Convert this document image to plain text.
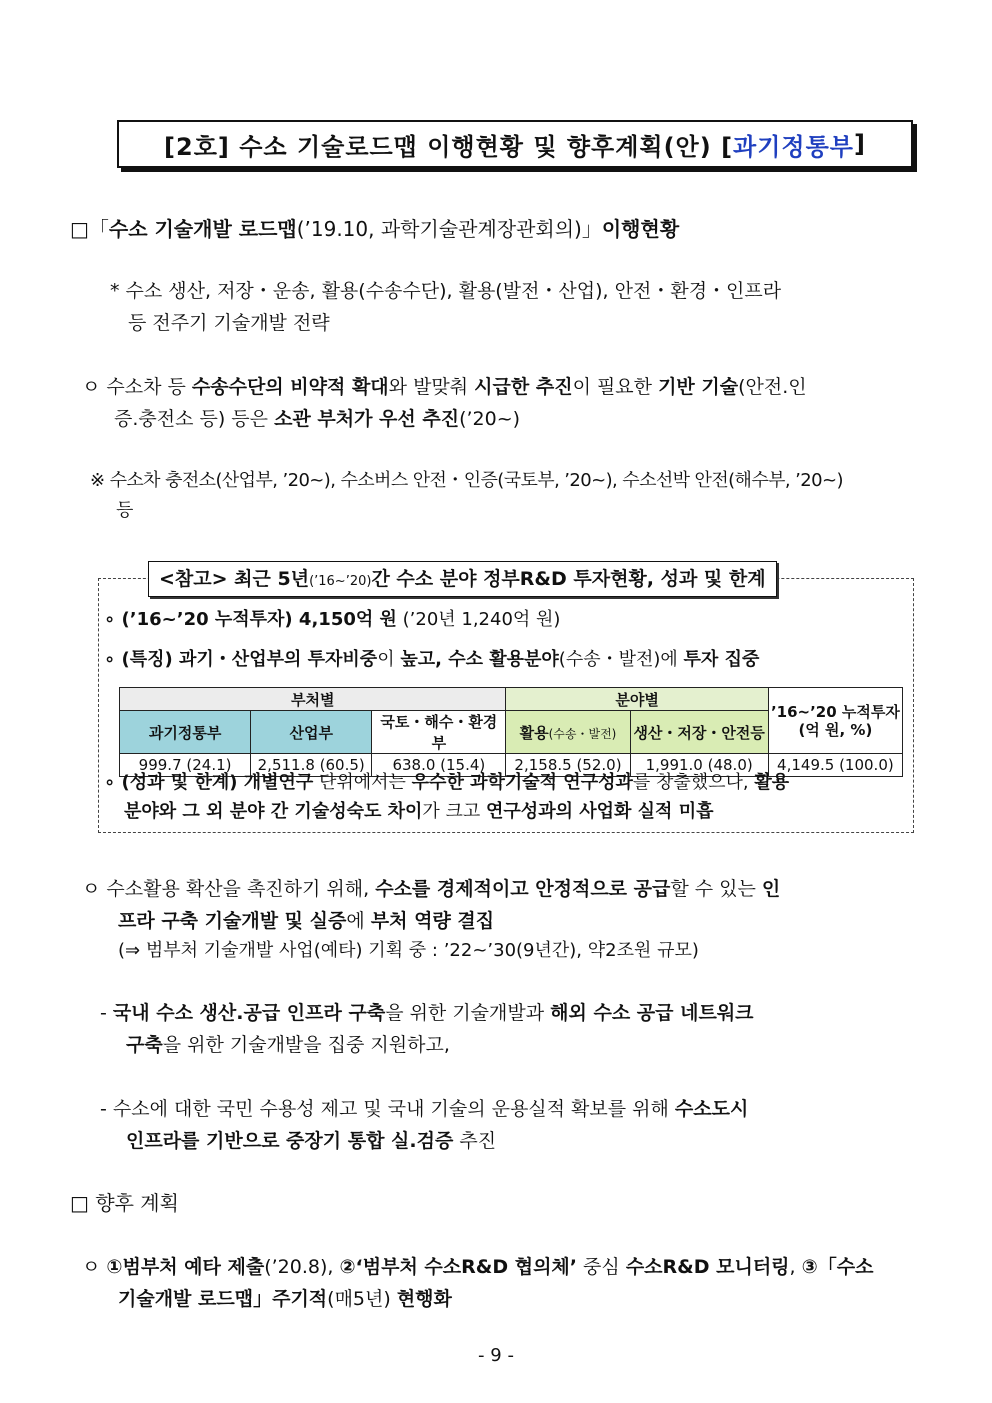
[2호] 수소 기술로드맵 이행현황 및 향후계획(안) [ 과기정통부 ]
□「수소 기술개발 로드맵(’19.10, 과학기술관계장관회의)」이행현황
* 수소 생산, 저장・운송, 활용(수송수단), 활용(발전・산업), 안전・환경・인프라
등 전주기 기술개발 전략
ㅇ 수소차 등 수송수단의 비약적 확대와 발맞춰 시급한 추진이 필요한 기반 기술(안전.인
증.충전소 등) 등은 소관 부처가 우선 추진(’20~)
※ 수소차 충전소(산업부, ’20~), 수소버스 안전・인증(국토부, ’20~), 수소선박 안전(해수부, ’20~)
등
<참고> 최근 5년(’16~’20)간 수소 분야 정부R&D 투자현황, 성과 및 한계
∘ (’16~’20 누적투자) 4,150억 원 (’20년 1,240억 원)
∘ (특징) 과기・산업부의 투자비중이 높고, 수소 활용분야(수송・발전)에 투자 집중
부처별			분야별		’16~’20 누적투자
(억 원, %)

과기정통부	산업부	국토・해수・환경부	활용(수송・발전)	생산・저장・안전등	
999.7 (24.1)	2,511.8 (60.5)	638.0 (15.4)	2,158.5 (52.0)	1,991.0 (48.0)	4,149.5 (100.0)
∘ (성과 및 한계) 개별연구 단위에서는 우수한 과학기술적 연구성과를 창출했으나, 활용
분야와 그 외 분야 간 기술성숙도 차이가 크고 연구성과의 사업화 실적 미흡
ㅇ 수소활용 확산을 촉진하기 위해, 수소를 경제적이고 안정적으로 공급할 수 있는 인
프라 구축 기술개발 및 실증에 부처 역량 결집
(⇒ 범부처 기술개발 사업(예타) 기획 중 : ’22~’30(9년간), 약2조원 규모)
- 국내 수소 생산.공급 인프라 구축을 위한 기술개발과 해외 수소 공급 네트워크
구축을 위한 기술개발을 집중 지원하고,
- 수소에 대한 국민 수용성 제고 및 국내 기술의 운용실적 확보를 위해 수소도시
인프라를 기반으로 중장기 통합 실.검증 추진
□ 향후 계획
ㅇ ①범부처 예타 제출(’20.8), ②‘범부처 수소R&D 협의체’ 중심 수소R&D 모니터링, ③「수소
기술개발 로드맵」주기적(매5년) 현행화
- 9 -
